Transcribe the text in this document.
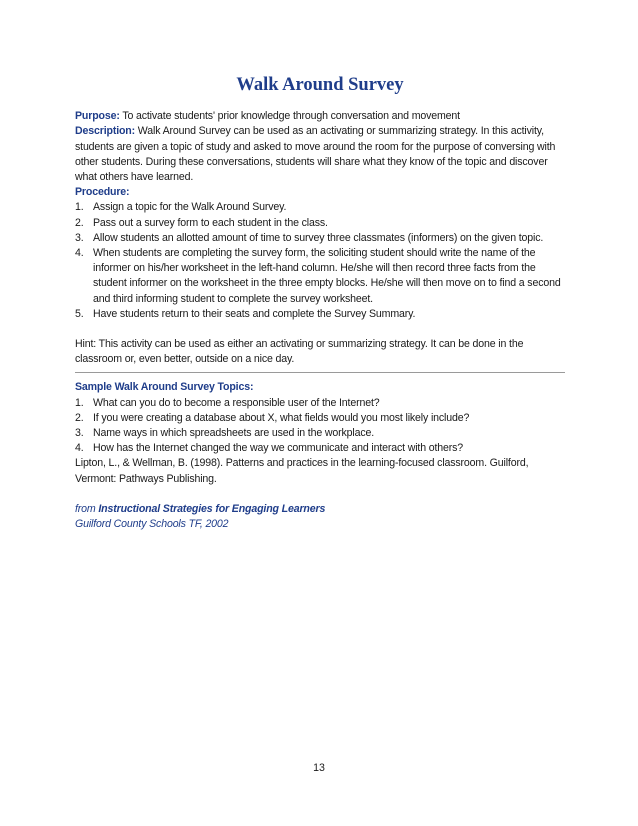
Walk Around Survey

Purpose: To activate students' prior knowledge through conversation and movement

Description: Walk Around Survey can be used as an activating or summarizing strategy. In this activity, students are given a topic of study and asked to move around the room for the purpose of conversing with other students. During these conversations, students will share what they know of the topic and discover what others have learned.

Procedure:

1. Assign a topic for the Walk Around Survey.
2. Pass out a survey form to each student in the class.
3. Allow students an allotted amount of time to survey three classmates (informers) on the given topic.
4. When students are completing the survey form, the soliciting student should write the name of the informer on his/her worksheet in the left-hand column. He/she will then record three facts from the student informer on the worksheet in the three empty blocks. He/she will then move on to find a second and third informing student to complete the survey worksheet.
5. Have students return to their seats and complete the Survey Summary.

Hint: This activity can be used as either an activating or summarizing strategy. It can be done in the classroom or, even better, outside on a nice day.

Sample Walk Around Survey Topics:

1. What can you do to become a responsible user of the Internet?
2. If you were creating a database about X, what fields would you most likely include?
3. Name ways in which spreadsheets are used in the workplace.
4. How has the Internet changed the way we communicate and interact with others?

Lipton, L., & Wellman, B. (1998). Patterns and practices in the learning-focused classroom. Guilford, Vermont: Pathways Publishing.

from Instructional Strategies for Engaging Learners
Guilford County Schools TF, 2002
13
